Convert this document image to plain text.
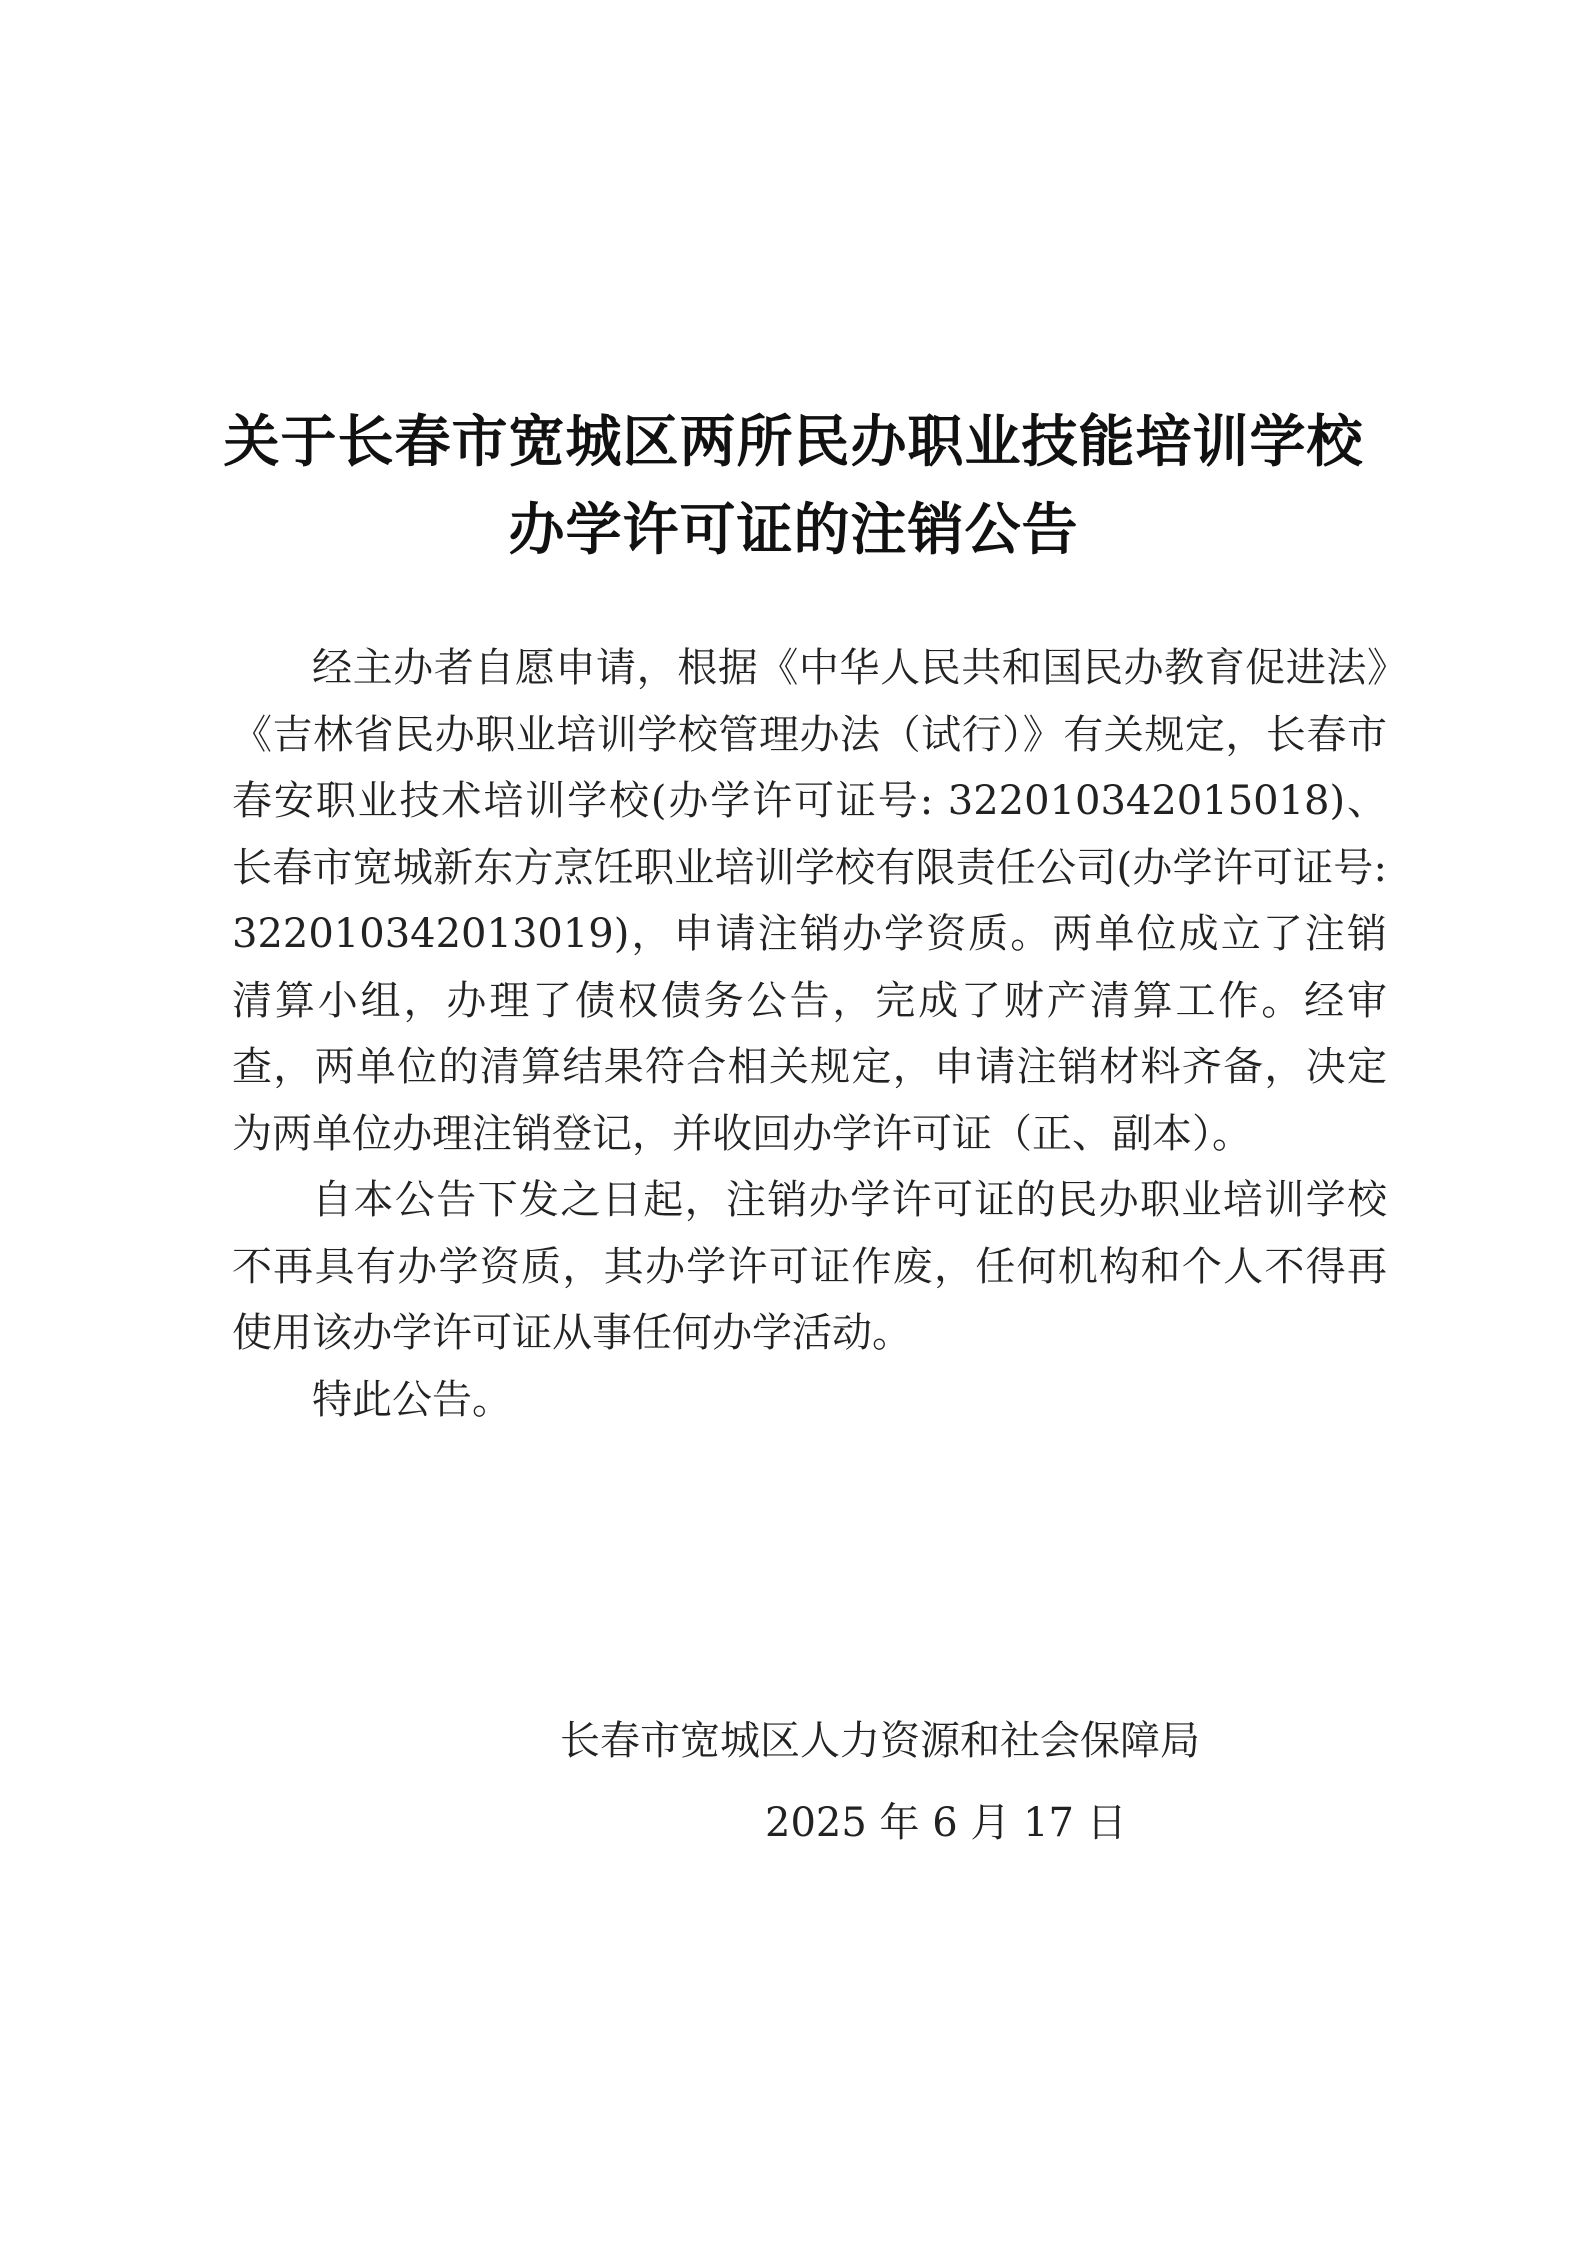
关于长春市宽城区两所民办职业技能培训学校
办学许可证的注销公告

经主办者自愿申请，根据《中华人民共和国民办教育促进法》《吉林省民办职业培训学校管理办法（试行）》有关规定，长春市春安职业技术培训学校(办学许可证号: 322010342015018)、长春市宽城新东方烹饪职业培训学校有限责任公司(办学许可证号: 322010342013019)，申请注销办学资质。两单位成立了注销清算小组，办理了债权债务公告，完成了财产清算工作。经审查，两单位的清算结果符合相关规定，申请注销材料齐备，决定为两单位办理注销登记，并收回办学许可证（正、副本）。

自本公告下发之日起，注销办学许可证的民办职业培训学校不再具有办学资质，其办学许可证作废，任何机构和个人不得再使用该办学许可证从事任何办学活动。

特此公告。

长春市宽城区人力资源和社会保障局
2025 年 6 月 17 日
